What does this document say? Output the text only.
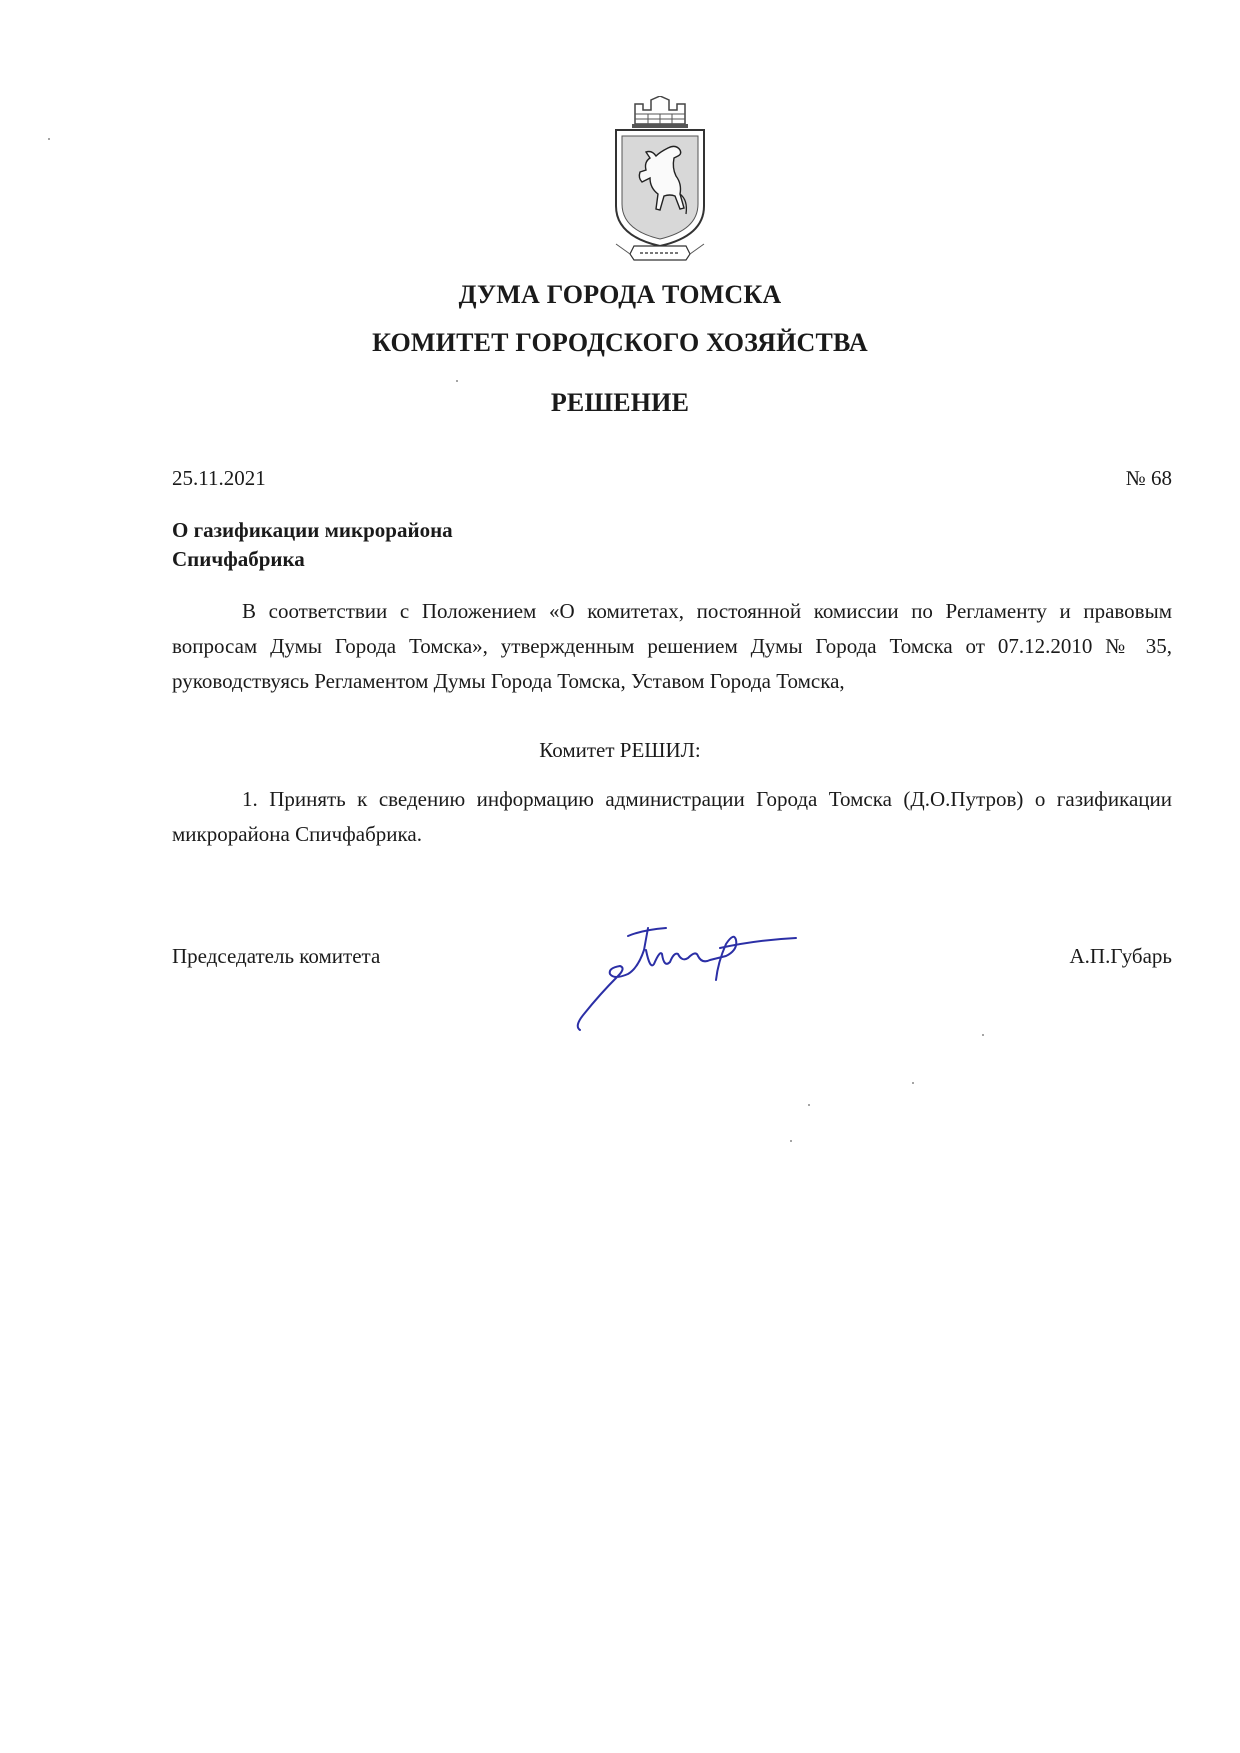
ДУМА ГОРОДА ТОМСКА
КОМИТЕТ ГОРОДСКОГО ХОЗЯЙСТВА
РЕШЕНИЕ
25.11.2021	№ 68
О газификации микрорайона
Спичфабрика
В соответствии с Положением «О комитетах, постоянной комиссии по Регламенту и правовым вопросам Думы Города Томска», утвержденным решением Думы Города Томска от 07.12.2010 № 35, руководствуясь Регламентом Думы Города Томска, Уставом Города Томска,
Комитет РЕШИЛ:
1. Принять к сведению информацию администрации Города Томска (Д.О.Путров) о газификации микрорайона Спичфабрика.
Председатель комитета	А.П.Губарь
